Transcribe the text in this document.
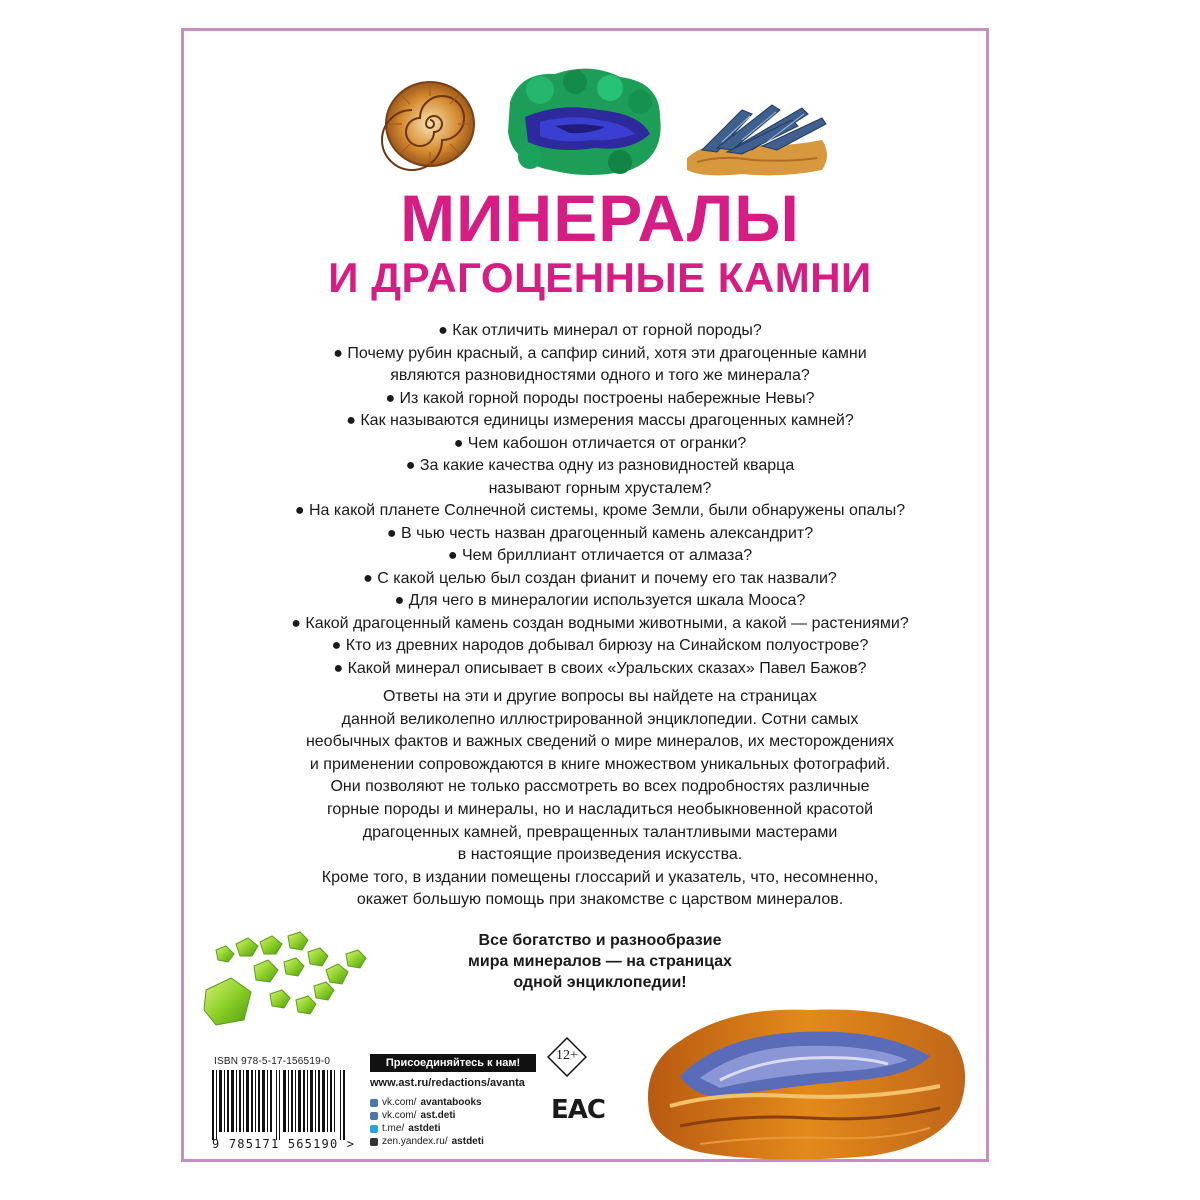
МИНЕРАЛЫ
И ДРАГОЦЕННЫЕ КАМНИ
● Как отличить минерал от горной породы?
● Почему рубин красный, а сапфир синий, хотя эти драгоценные камни
являются разновидностями одного и того же минерала?
● Из какой горной породы построены набережные Невы?
● Как называются единицы измерения массы драгоценных камней?
● Чем кабошон отличается от огранки?
● За какие качества одну из разновидностей кварца
называют горным хрусталем?
● На какой планете Солнечной системы, кроме Земли, были обнаружены опалы?
● В чью честь назван драгоценный камень александрит?
● Чем бриллиант отличается от алмаза?
● С какой целью был создан фианит и почему его так назвали?
● Для чего в минералогии используется шкала Мооса?
● Какой драгоценный камень создан водными животными, а какой — растениями?
● Кто из древних народов добывал бирюзу на Синайском полуострове?
● Какой минерал описывает в своих «Уральских сказах» Павел Бажов?
Ответы на эти и другие вопросы вы найдете на страницах
данной великолепно иллюстрированной энциклопедии. Сотни самых
необычных фактов и важных сведений о мире минералов, их месторождениях
и применении сопровождаются в книге множеством уникальных фотографий.
Они позволяют не только рассмотреть во всех подробностях различные
горные породы и минералы, но и насладиться необыкновенной красотой
драгоценных камней, превращенных талантливыми мастерами
в настоящие произведения искусства.
Кроме того, в издании помещены глоссарий и указатель, что, несомненно,
окажет большую помощь при знакомстве с царством минералов.
Все богатство и разнообразие
мира минералов — на страницах
одной энциклопедии!
ISBN 978-5-17-156519-0
9 785171 565190 >
Присоединяйтесь к нам!
www.ast.ru/redactions/avanta
vk.com/ avantabooks
vk.com/ ast.deti
t.me/ astdeti
zen.yandex.ru/ astdeti
12+
ЕАС
